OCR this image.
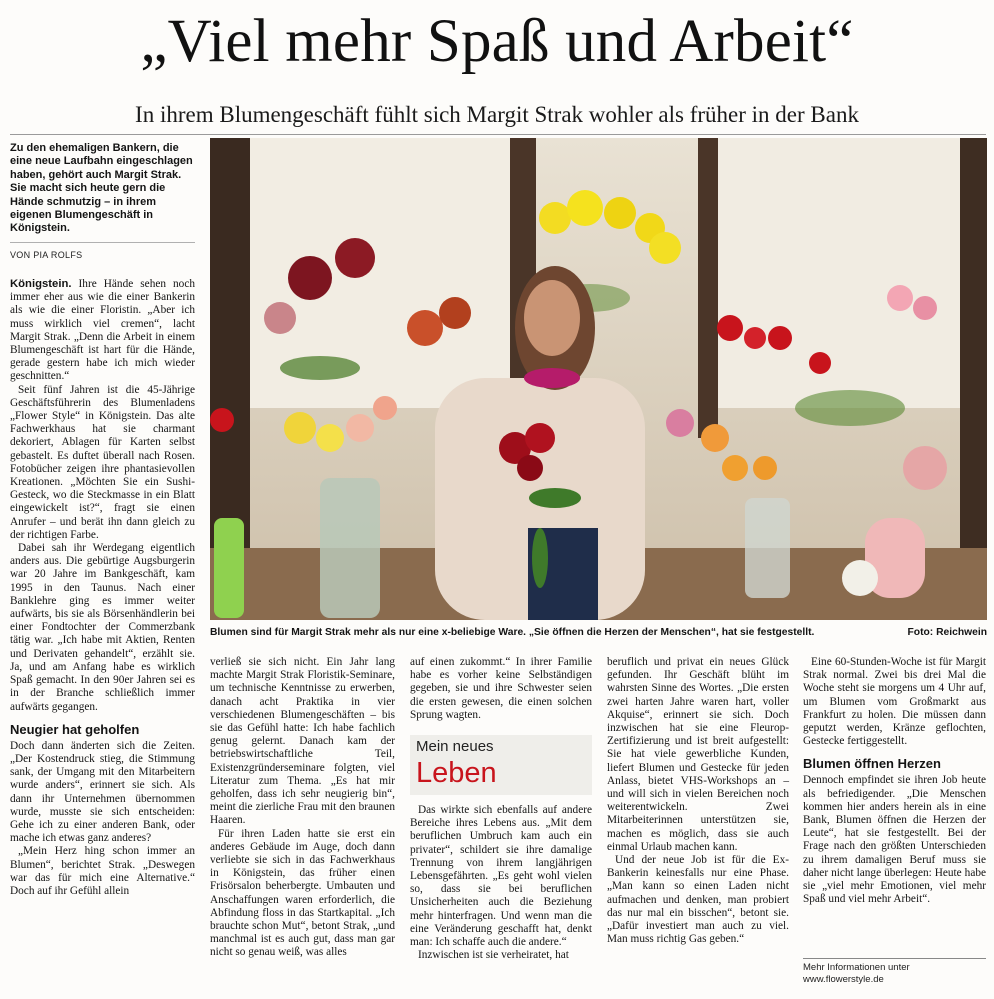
„Viel mehr Spaß und Arbeit“
In ihrem Blumengeschäft fühlt sich Margit Strak wohler als früher in der Bank
Zu den ehemaligen Bankern, die eine neue Laufbahn eingeschlagen haben, gehört auch Margit Strak. Sie macht sich heute gern die Hände schmutzig – in ihrem eigenen Blumengeschäft in Königstein.
VON PIA ROLFS

Königstein. Ihre Hände sehen noch immer eher aus wie die einer Bankerin als wie die einer Floristin. „Aber ich muss wirklich viel cremen“, lacht Margit Strak. „Denn die Arbeit in einem Blumengeschäft ist hart für die Hände, gerade gestern habe ich mich wieder geschnitten.“

Seit fünf Jahren ist die 45-Jährige Geschäftsführerin des Blumenladens „Flower Style“ in Königstein. Das alte Fachwerkhaus hat sie charmant dekoriert, Ablagen für Karten selbst gebastelt. Es duftet überall nach Rosen. Fotobücher zeigen ihre phantasievollen Kreationen. „Möchten Sie ein Sushi-Gesteck, wo die Steckmasse in ein Blatt eingewickelt ist?“, fragt sie einen Anrufer – und berät ihn dann gleich zu der richtigen Farbe.

Dabei sah ihr Werdegang eigentlich anders aus. Die gebürtige Augsburgerin war 20 Jahre im Bankgeschäft, kam 1995 in den Taunus. Nach einer Banklehre ging es immer weiter aufwärts, bis sie als Börsenhändlerin bei einer Fondtochter der Commerzbank tätig war. „Ich habe mit Aktien, Renten und Derivaten gehandelt“, erzählt sie. Ja, und am Anfang habe es wirklich Spaß gemacht. In den 90er Jahren sei es in der Branche schließlich immer aufwärts gegangen.

Neugier hat geholfen

Doch dann änderten sich die Zeiten. „Der Kostendruck stieg, die Stimmung sank, der Umgang mit den Mitarbeitern wurde anders“, erinnert sie sich. Als dann ihr Unternehmen übernommen wurde, musste sie sich entscheiden: Gehe ich zu einer anderen Bank, oder mache ich etwas ganz anderes?

„Mein Herz hing schon immer an Blumen“, berichtet Strak. „Deswegen war das für mich eine Alternative.“ Doch auf ihr Gefühl allein

Blumen sind für Margit Strak mehr als nur eine x-beliebige Ware. „Sie öffnen die Herzen der Menschen“, hat sie festgestellt.	Foto: Reichwein

verließ sie sich nicht. Ein Jahr lang machte Margit Strak Floristik-Seminare, um technische Kenntnisse zu erwerben, danach acht Praktika in vier verschiedenen Blumengeschäften – bis sie das Gefühl hatte: Ich habe fachlich genug gelernt. Danach kam der betriebswirtschaftliche Teil, Existenzgründerseminare folgten, viel Literatur zum Thema. „Es hat mir geholfen, dass ich sehr neugierig bin“, meint die zierliche Frau mit den braunen Haaren.

Für ihren Laden hatte sie erst ein anderes Gebäude im Auge, doch dann verliebte sie sich in das Fachwerkhaus in Königstein, das früher einen Frisörsalon beherbergte. Umbauten und Anschaffungen waren erforderlich, die Abfindung floss in das Startkapital. „Ich brauchte schon Mut“, betont Strak, „und manchmal ist es auch gut, dass man gar nicht so genau weiß, was alles

auf einen zukommt.“ In ihrer Familie habe es vorher keine Selbständigen gegeben, sie und ihre Schwester seien die ersten gewesen, die einen solchen Sprung wagten.

Mein neues
Leben

Das wirkte sich ebenfalls auf andere Bereiche ihres Lebens aus. „Mit dem beruflichen Umbruch kam auch ein privater“, schildert sie ihre damalige Trennung von ihrem langjährigen Lebensgefährten. „Es geht wohl vielen so, dass sie bei beruflichen Unsicherheiten auch die Beziehung mehr hinterfragen. Und wenn man die eine Veränderung geschafft hat, denkt man: Ich schaffe auch die andere.“

Inzwischen ist sie verheiratet, hat

beruflich und privat ein neues Glück gefunden. Ihr Geschäft blüht im wahrsten Sinne des Wortes. „Die ersten zwei harten Jahre waren hart, voller Akquise“, erinnert sie sich. Doch inzwischen hat sie eine Fleurop-Zertifizierung und ist breit aufgestellt: Sie hat viele gewerbliche Kunden, liefert Blumen und Gestecke für jeden Anlass, bietet VHS-Workshops an – und will sich in vielen Bereichen noch weiterentwickeln. Zwei Mitarbeiterinnen unterstützen sie, machen es möglich, dass sie auch einmal Urlaub machen kann.

Und der neue Job ist für die Ex-Bankerin keinesfalls nur eine Phase. „Man kann so einen Laden nicht aufmachen und denken, man probiert das nur mal ein bisschen“, betont sie. „Dafür investiert man auch zu viel. Man muss richtig Gas geben.“

Eine 60-Stunden-Woche ist für Margit Strak normal. Zwei bis drei Mal die Woche steht sie morgens um 4 Uhr auf, um Blumen vom Großmarkt aus Frankfurt zu holen. Die müssen dann geputzt werden, Kränze geflochten, Gestecke fertiggestellt.

Blumen öffnen Herzen

Dennoch empfindet sie ihren Job heute als befriedigender. „Die Menschen kommen hier anders herein als in eine Bank, Blumen öffnen die Herzen der Leute“, hat sie festgestellt. Bei der Frage nach den größten Unterschieden zu ihrem damaligen Beruf muss sie daher nicht lange überlegen: Heute habe sie „viel mehr Emotionen, viel mehr Spaß und viel mehr Arbeit“.

Mehr Informationen unter
www.flowerstyle.de
